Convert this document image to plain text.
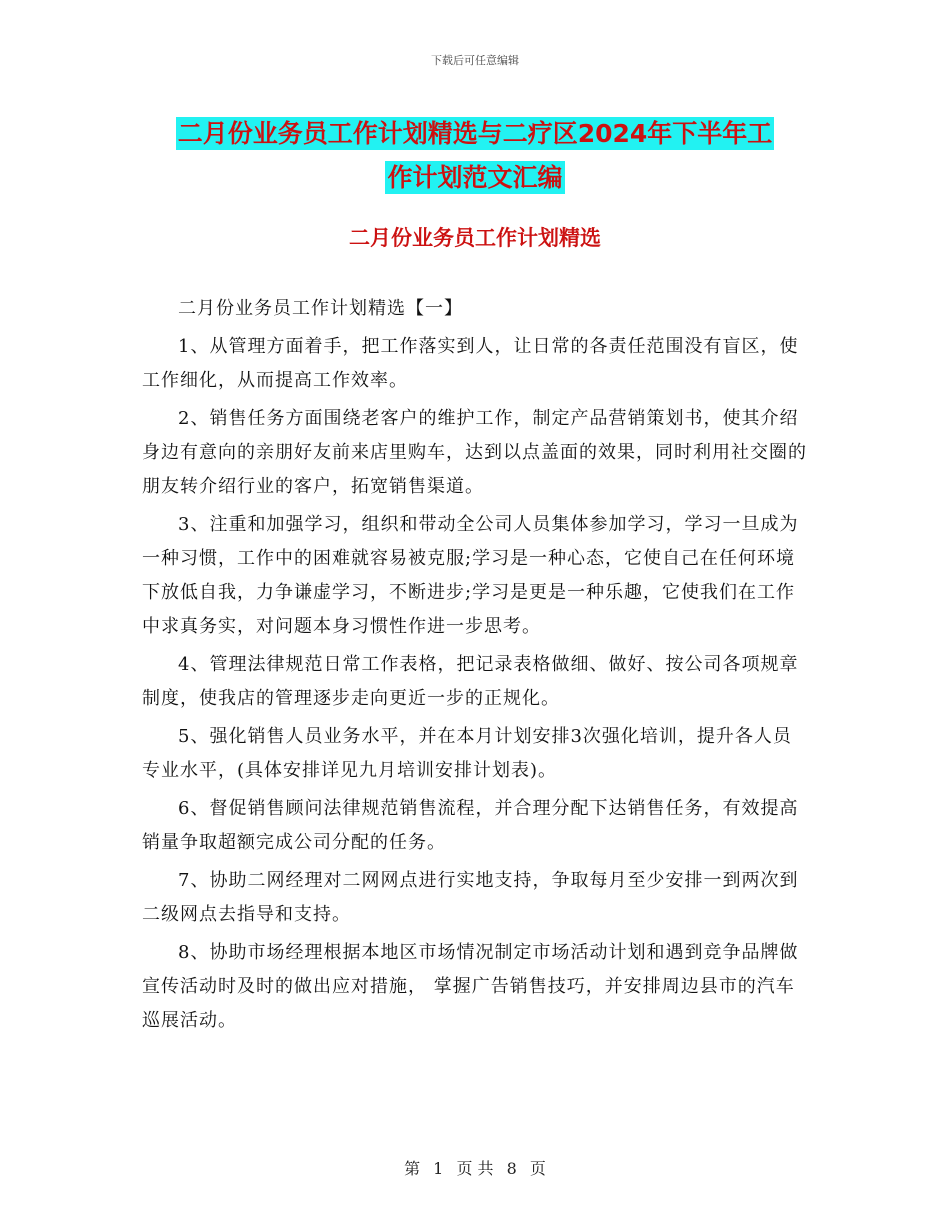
下载后可任意编辑
二月份业务员工作计划精选与二疗区2024年下半年工
作计划范文汇编
二月份业务员工作计划精选

二月份业务员工作计划精选【一】

1、从管理方面着手，把工作落实到人，让日常的各责任范围没有盲区，使工作细化，从而提高工作效率。

2、销售任务方面围绕老客户的维护工作，制定产品营销策划书，使其介绍身边有意向的亲朋好友前来店里购车，达到以点盖面的效果，同时利用社交圈的朋友转介绍行业的客户，拓宽销售渠道。

3、注重和加强学习，组织和带动全公司人员集体参加学习，学习一旦成为一种习惯，工作中的困难就容易被克服;学习是一种心态，它使自己在任何环境下放低自我，力争谦虚学习，不断进步;学习是更是一种乐趣，它使我们在工作中求真务实，对问题本身习惯性作进一步思考。

4、管理法律规范日常工作表格，把记录表格做细、做好、按公司各项规章制度，使我店的管理逐步走向更近一步的正规化。

5、强化销售人员业务水平，并在本月计划安排3次强化培训，提升各人员专业水平，(具体安排详见九月培训安排计划表)。

6、督促销售顾问法律规范销售流程，并合理分配下达销售任务，有效提高销量争取超额完成公司分配的任务。

7、协助二网经理对二网网点进行实地支持，争取每月至少安排一到两次到二级网点去指导和支持。

8、协助市场经理根据本地区市场情况制定市场活动计划和遇到竞争品牌做宣传活动时及时的做出应对措施， 掌握广告销售技巧，并安排周边县市的汽车巡展活动。

第 1 页 共 8 页
